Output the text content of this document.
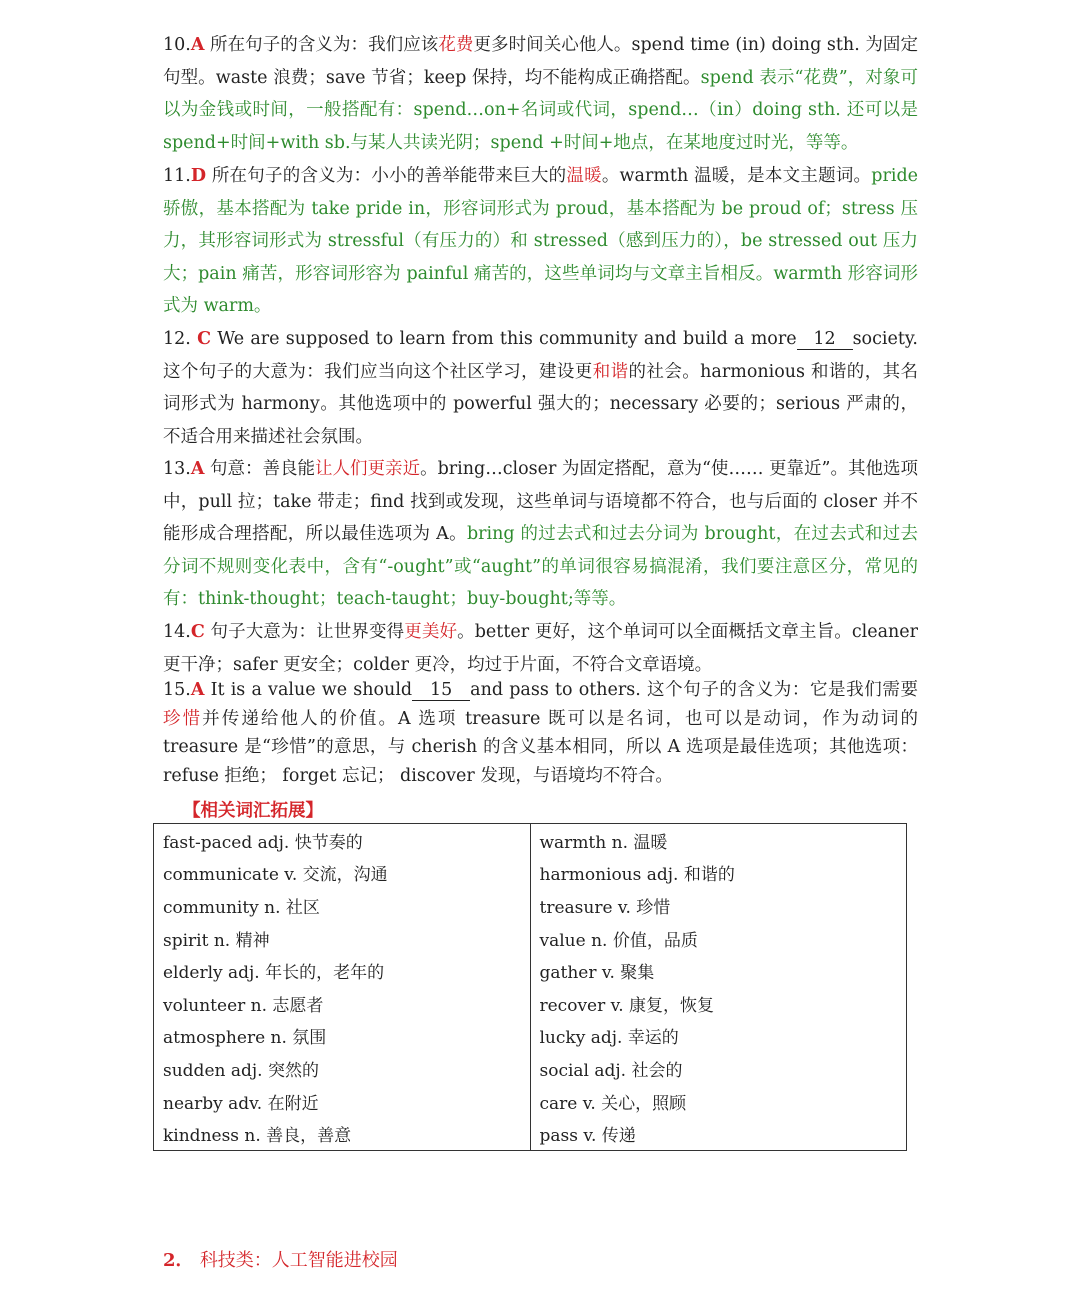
10.A 所在句子的含义为：我们应该花费更多时间关心他人。spend time (in) doing sth. 为固定句型。waste 浪费；save 节省；keep 保持，均不能构成正确搭配。spend 表示“花费”，对象可以为金钱或时间，一般搭配有：spend…on+名词或代词，spend…（in）doing sth. 还可以是 spend+时间+with sb.与某人共读光阴；spend +时间+地点，在某地度过时光，等等。
11.D 所在句子的含义为：小小的善举能带来巨大的温暖。warmth 温暖，是本文主题词。pride 骄傲，基本搭配为 take pride in，形容词形式为 proud，基本搭配为 be proud of；stress 压力，其形容词形式为 stressful（有压力的）和 stressed（感到压力的），be stressed out 压力大；pain 痛苦，形容词形容为 painful 痛苦的，这些单词均与文章主旨相反。warmth 形容词形式为 warm。
12. C We are supposed to learn from this community and build a more 12 society. 这个句子的大意为：我们应当向这个社区学习，建设更和谐的社会。harmonious 和谐的，其名词形式为 harmony。其他选项中的 powerful 强大的；necessary 必要的；serious 严肃的，不适合用来描述社会氛围。
13.A 句意：善良能让人们更亲近。bring…closer 为固定搭配，意为“使…… 更靠近”。其他选项中，pull 拉；take 带走；find 找到或发现，这些单词与语境都不符合，也与后面的 closer 并不能形成合理搭配，所以最佳选项为 A。bring 的过去式和过去分词为 brought，在过去式和过去分词不规则变化表中，含有“-ought”或“aught”的单词很容易搞混淆，我们要注意区分，常见的有：think-thought；teach-taught；buy-bought;等等。
14.C 句子大意为：让世界变得更美好。better 更好，这个单词可以全面概括文章主旨。cleaner 更干净；safer 更安全；colder 更冷，均过于片面，不符合文章语境。
15.A It is a value we should 15 and pass to others. 这个句子的含义为：它是我们需要珍惜并传递给他人的价值。A 选项 treasure 既可以是名词，也可以是动词，作为动词的 treasure 是“珍惜”的意思，与 cherish 的含义基本相同，所以 A 选项是最佳选项；其他选项： refuse 拒绝； forget 忘记； discover 发现，与语境均不符合。
【相关词汇拓展】
fast-paced adj. 快节奏的	warmth n. 温暖
communicate v. 交流，沟通	harmonious adj. 和谐的
community n. 社区	treasure v. 珍惜
spirit n. 精神	value n. 价值，品质
elderly adj. 年长的，老年的	gather v. 聚集
volunteer n. 志愿者	recover v. 康复，恢复
atmosphere n. 氛围	lucky adj. 幸运的
sudden adj. 突然的	social adj. 社会的
nearby adv. 在附近	care v. 关心，照顾
kindness n. 善良，善意	pass v. 传递
2． 科技类：人工智能进校园
